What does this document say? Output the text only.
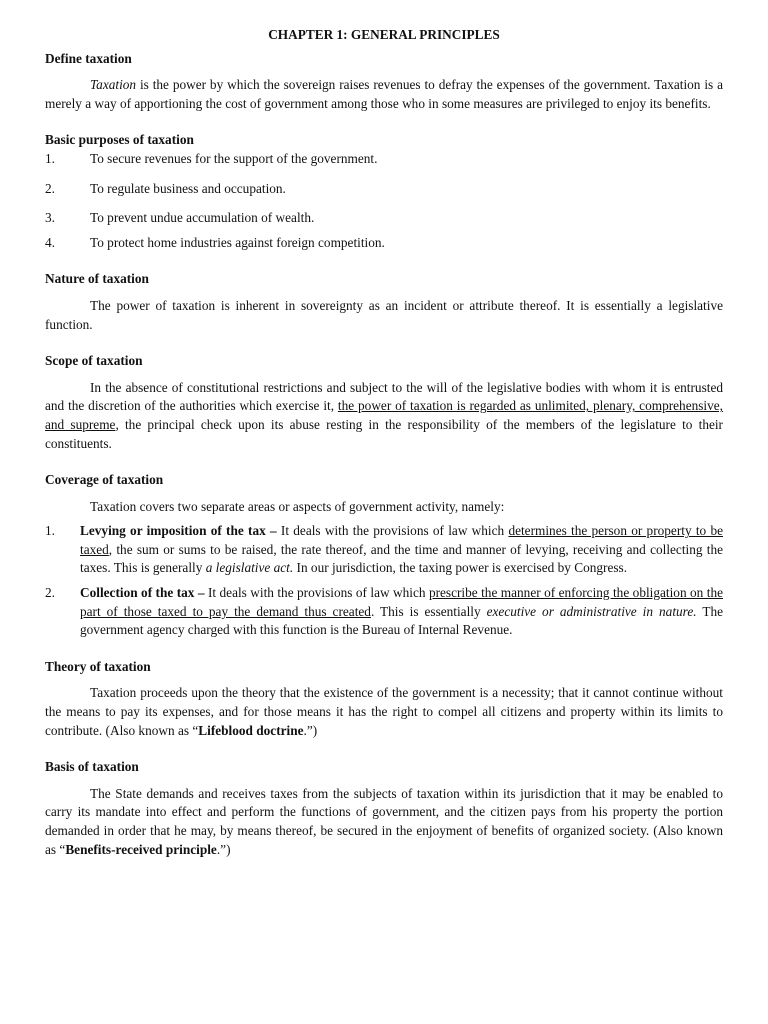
CHAPTER 1: GENERAL PRINCIPLES
Define taxation

Taxation is the power by which the sovereign raises revenues to defray the expenses of the government. Taxation is a merely a way of apportioning the cost of government among those who in some measures are privileged to enjoy its benefits.

Basic purposes of taxation
1.	To secure revenues for the support of the government.
2.	To regulate business and occupation.
3.	To prevent undue accumulation of wealth.
4.	To protect home industries against foreign competition.
Nature of taxation

The power of taxation is inherent in sovereignty as an incident or attribute thereof. It is essentially a legislative function.

Scope of taxation

In the absence of constitutional restrictions and subject to the will of the legislative bodies with whom it is entrusted and the discretion of the authorities which exercise it, the power of taxation is regarded as unlimited, plenary, comprehensive, and supreme, the principal check upon its abuse resting in the responsibility of the members of the legislature to their constituents.

Coverage of taxation

Taxation covers two separate areas or aspects of government activity, namely:

1.	Levying or imposition of the tax – It deals with the provisions of law which determines the person or property to be taxed, the sum or sums to be raised, the rate thereof, and the time and manner of levying, receiving and collecting the taxes. This is generally a legislative act. In our jurisdiction, the taxing power is exercised by Congress.
2.	Collection of the tax – It deals with the provisions of law which prescribe the manner of enforcing the obligation on the part of those taxed to pay the demand thus created. This is essentially executive or administrative in nature. The government agency charged with this function is the Bureau of Internal Revenue.
Theory of taxation

Taxation proceeds upon the theory that the existence of the government is a necessity; that it cannot continue without the means to pay its expenses, and for those means it has the right to compel all citizens and property within its limits to contribute. (Also known as “Lifeblood doctrine.”)

Basis of taxation

The State demands and receives taxes from the subjects of taxation within its jurisdiction that it may be enabled to carry its mandate into effect and perform the functions of government, and the citizen pays from his property the portion demanded in order that he may, by means thereof, be secured in the enjoyment of benefits of organized society. (Also known as “Benefits-received principle.”)
